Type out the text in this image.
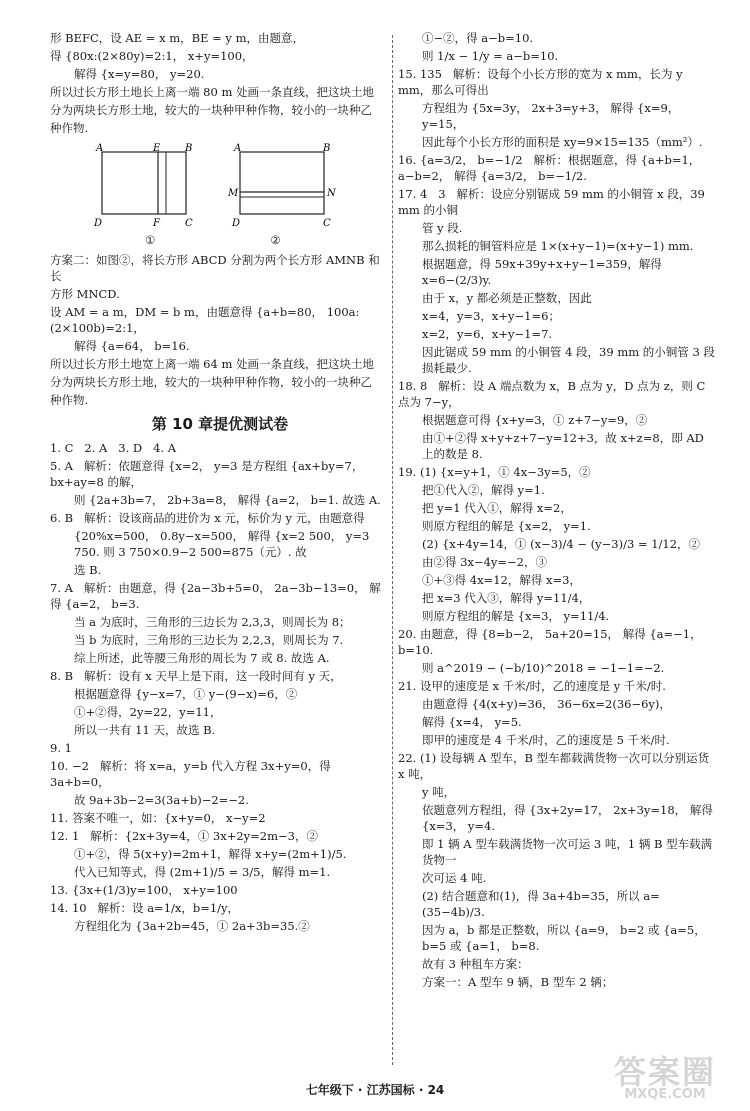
形 BEFC，设 AE = x m，BE = y m，由题意，

得 {80x:(2×80y)=2:1， x+y=100，

解得 {x=y=80， y=20.

所以过长方形土地长上离一端 80 m 处画一条直线，把这块土地

分为两块长方形土地，较大的一块种甲种作物，较小的一块种乙

种作物.

A	E B
D	F	C
A	B
M	N
D	C
①	②

方案二：如图②，将长方形 ABCD 分割为两个长方形 AMNB 和长

方形 MNCD.

设 AM = a m，DM = b m，由题意得 {a+b=80， 100a:(2×100b)=2:1，

解得 {a=64， b=16.

所以过长方形土地宽上离一端 64 m 处画一条直线，把这块土地

分为两块长方形土地，较大的一块种甲种作物，较小的一块种乙

种作物.

第 10 章提优测试卷

1. C   2. A   3. D   4. A

5. A   解析：依题意得 {x=2， y=3 是方程组 {ax+by=7， bx+ay=8 的解，

则 {2a+3b=7， 2b+3a=8， 解得 {a=2， b=1. 故选 A.

6. B   解析：设该商品的进价为 x 元，标价为 y 元，由题意得

{20%x=500， 0.8y−x=500， 解得 {x=2 500， y=3 750. 则 3 750×0.9−2 500=875（元）. 故

选 B.

7. A   解析：由题意，得 {2a−3b+5=0， 2a−3b−13=0， 解得 {a=2， b=3.

当 a 为底时，三角形的三边长为 2,3,3，则周长为 8；

当 b 为底时，三角形的三边长为 2,2,3，则周长为 7.

综上所述，此等腰三角形的周长为 7 或 8. 故选 A.

8. B   解析：设有 x 天早上是下雨，这一段时间有 y 天，

根据题意得 {y−x=7，① y−(9−x)=6，②

①+②得，2y=22，y=11，

所以一共有 11 天，故选 B.

9. 1

10. −2   解析：将 x=a，y=b 代入方程 3x+y=0，得 3a+b=0，

故 9a+3b−2=3(3a+b)−2=−2.

11. 答案不唯一，如：{x+y=0， x−y=2

12. 1   解析：{2x+3y=4，① 3x+2y=2m−3，②

①+②，得 5(x+y)=2m+1，解得 x+y=(2m+1)/5.

代入已知等式，得 (2m+1)/5 = 3/5，解得 m=1.

13. {3x+(1/3)y=100， x+y=100

14. 10   解析：设 a=1/x，b=1/y，

方程组化为 {3a+2b=45，① 2a+3b=35.②

①−②，得 a−b=10.

则 1/x − 1/y = a−b=10.

15. 135   解析：设每个小长方形的宽为 x mm，长为 y mm，那么可得出

方程组为 {5x=3y， 2x+3=y+3， 解得 {x=9， y=15，

因此每个小长方形的面积是 xy=9×15=135（mm²）.

16. {a=3/2， b=−1/2   解析：根据题意，得 {a+b=1， a−b=2， 解得 {a=3/2， b=−1/2.

17. 4   3   解析：设应分别锯成 59 mm 的小铜管 x 段，39 mm 的小铜

管 y 段.

那么损耗的铜管料应是 1×(x+y−1)=(x+y−1) mm.

根据题意，得 59x+39y+x+y−1=359，解得 x=6−(2/3)y.

由于 x，y 都必须是正整数，因此

x=4，y=3，x+y−1=6；

x=2，y=6，x+y−1=7.

因此锯成 59 mm 的小铜管 4 段，39 mm 的小铜管 3 段损耗最少.

18. 8   解析：设 A 端点数为 x，B 点为 y，D 点为 z，则 C 点为 7−y，

根据题意可得 {x+y=3，① z+7−y=9，②

由①+②得 x+y+z+7−y=12+3，故 x+z=8，即 AD 上的数是 8.

19. (1) {x=y+1，① 4x−3y=5，②

把①代入②，解得 y=1.

把 y=1 代入①，解得 x=2，

则原方程组的解是 {x=2， y=1.

(2) {x+4y=14，① (x−3)/4 − (y−3)/3 = 1/12，②

由②得 3x−4y=−2，③

①+③得 4x=12，解得 x=3，

把 x=3 代入③，解得 y=11/4，

则原方程组的解是 {x=3， y=11/4.

20. 由题意，得 {8=b−2， 5a+20=15， 解得 {a=−1， b=10.

则 a^2019 − (−b/10)^2018 = −1−1=−2.

21. 设甲的速度是 x 千米/时，乙的速度是 y 千米/时.

由题意得 {4(x+y)=36， 36−6x=2(36−6y)，

解得 {x=4， y=5.

即甲的速度是 4 千米/时，乙的速度是 5 千米/时.

22. (1) 设每辆 A 型车，B 型车都载满货物一次可以分别运货 x 吨，

y 吨，

依题意列方程组，得 {3x+2y=17， 2x+3y=18， 解得 {x=3， y=4.

即 1 辆 A 型车载满货物一次可运 3 吨，1 辆 B 型车载满货物一

次可运 4 吨.

(2) 结合题意和(1)，得 3a+4b=35，所以 a=(35−4b)/3.

因为 a，b 都是正整数，所以 {a=9， b=2 或 {a=5， b=5 或 {a=1， b=8.

故有 3 种租车方案：

方案一：A 型车 9 辆，B 型车 2 辆；

七年级下 · 江苏国标 · 24	答案圈
MXQE.COM
